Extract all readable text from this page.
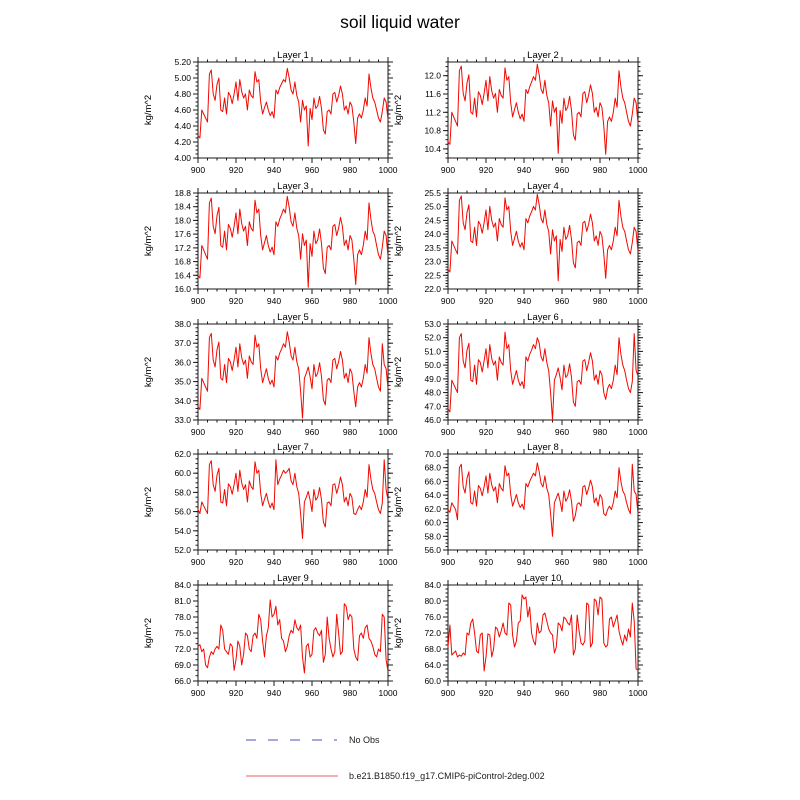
soil liquid water
4.00
4.20
4.40
4.60
4.80
5.00
5.20
900	920	940	960	980	1000
Layer 1
kg/m^2
10.4
10.8
11.2
11.6
12.0
900	920	940	960	980	1000
Layer 2
kg/m^2
16.0
16.4
16.8
17.2
17.6
18.0
18.4
18.8
900	920	940	960	980	1000
Layer 3
kg/m^2
22.0
22.5
23.0
23.5
24.0
24.5
25.0
25.5
900	920	940	960	980	1000
Layer 4
kg/m^2
33.0
34.0
35.0
36.0
37.0
38.0
900	920	940	960	980	1000
Layer 5
kg/m^2
46.0
47.0
48.0
49.0
50.0
51.0
52.0
53.0
900	920	940	960	980	1000
Layer 6
kg/m^2
52.0
54.0
56.0
58.0
60.0
62.0
900	920	940	960	980	1000
Layer 7
kg/m^2
56.0
58.0
60.0
62.0
64.0
66.0
68.0
70.0
900	920	940	960	980	1000
Layer 8
kg/m^2
66.0
69.0
72.0
75.0
78.0
81.0
84.0
900	920	940	960	980	1000
Layer 9
kg/m^2
60.0
64.0
68.0
72.0
76.0
80.0
84.0
900	920	940	960	980	1000
Layer 10
kg/m^2
No Obs
b.e21.B1850.f19_g17.CMIP6-piControl-2deg.002
